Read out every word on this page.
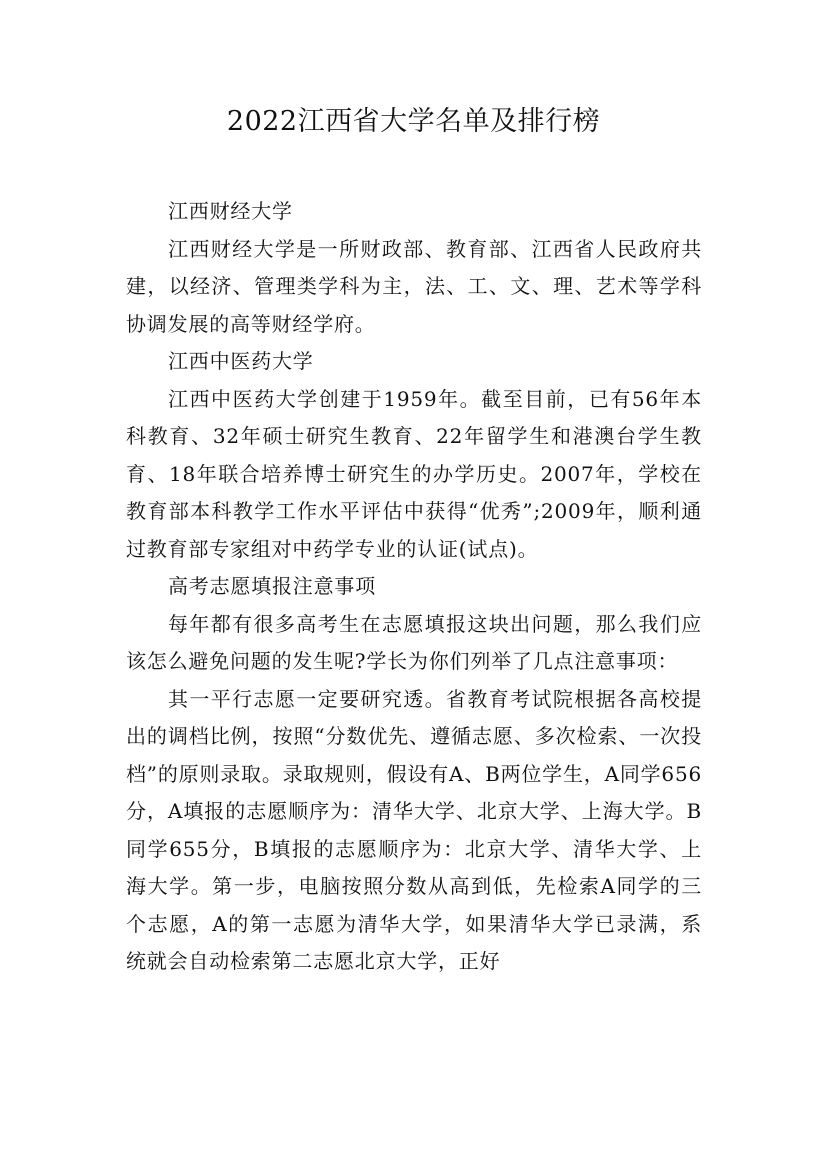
2022江西省大学名单及排行榜

江西财经大学

江西财经大学是一所财政部、教育部、江西省人民政府共建，以经济、管理类学科为主，法、工、文、理、艺术等学科协调发展的高等财经学府。

江西中医药大学

江西中医药大学创建于1959年。截至目前，已有56年本科教育、32年硕士研究生教育、22年留学生和港澳台学生教育、18年联合培养博士研究生的办学历史。2007年，学校在教育部本科教学工作水平评估中获得“优秀”;2009年，顺利通过教育部专家组对中药学专业的认证(试点)。

高考志愿填报注意事项

每年都有很多高考生在志愿填报这块出问题，那么我们应该怎么避免问题的发生呢?学长为你们列举了几点注意事项：

其一平行志愿一定要研究透。省教育考试院根据各高校提出的调档比例，按照“分数优先、遵循志愿、多次检索、一次投档”的原则录取。录取规则，假设有A、B两位学生，A同学656分，A填报的志愿顺序为：清华大学、北京大学、上海大学。B同学655分，B填报的志愿顺序为：北京大学、清华大学、上海大学。第一步，电脑按照分数从高到低，先检索A同学的三个志愿，A的第一志愿为清华大学，如果清华大学已录满，系统就会自动检索第二志愿北京大学，正好
